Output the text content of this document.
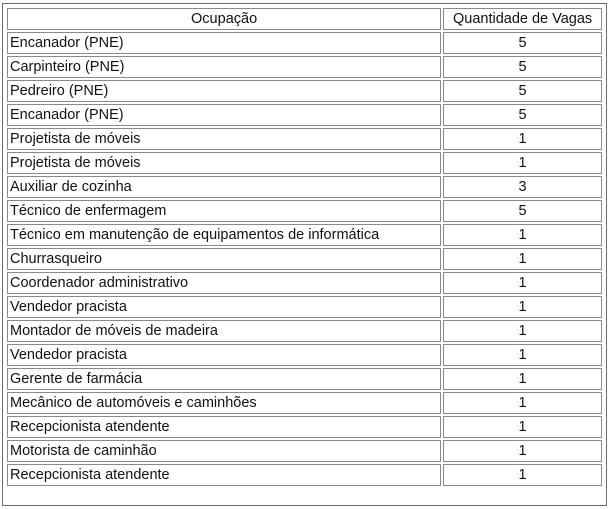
Ocupação	Quantidade de Vagas
Encanador (PNE)	5
Carpinteiro (PNE)	5
Pedreiro (PNE)	5
Encanador (PNE)	5
Projetista de móveis	1
Projetista de móveis	1
Auxiliar de cozinha	3
Técnico de enfermagem	5
Técnico em manutenção de equipamentos de informática	1
Churrasqueiro	1
Coordenador administrativo	1
Vendedor pracista	1
Montador de móveis de madeira	1
Vendedor pracista	1
Gerente de farmácia	1
Mecânico de automóveis e caminhões	1
Recepcionista atendente	1
Motorista de caminhão	1
Recepcionista atendente	1
